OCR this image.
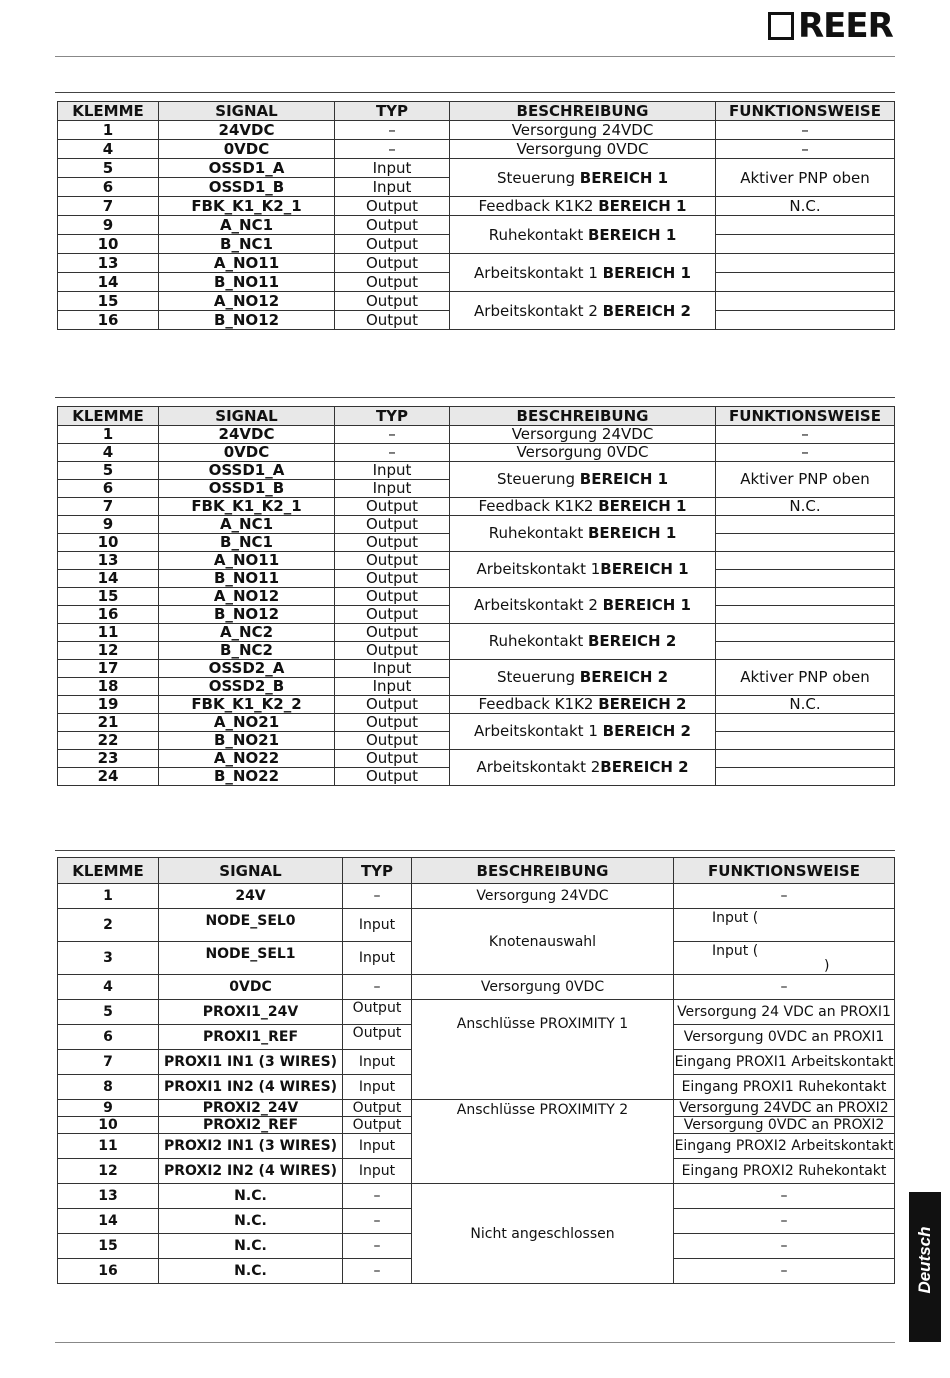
REER
KLEMME	SIGNAL	TYP	BESCHREIBUNG	FUNKTIONSWEISE
1	24VDC	–	Versorgung 24VDC	–
4	0VDC	–	Versorgung 0VDC	–
5	OSSD1_A	Input	Steuerung BEREICH 1	Aktiver PNP oben
6	OSSD1_B	Input		
7	FBK_K1_K2_1	Output	Feedback K1K2 BEREICH 1	N.C.
9	A_NC1	Output	Ruhekontakt BEREICH 1	
10	B_NC1	Output		
13	A_NO11	Output	Arbeitskontakt 1 BEREICH 1	
14	B_NO11	Output		
15	A_NO12	Output	Arbeitskontakt 2 BEREICH 2	
16	B_NO12	Output		
KLEMME	SIGNAL	TYP	BESCHREIBUNG	FUNKTIONSWEISE
1	24VDC	–	Versorgung 24VDC	–
4	0VDC	–	Versorgung 0VDC	–
5	OSSD1_A	Input	Steuerung BEREICH 1	Aktiver PNP oben
6	OSSD1_B	Input		
7	FBK_K1_K2_1	Output	Feedback K1K2 BEREICH 1	N.C.
9	A_NC1	Output	Ruhekontakt BEREICH 1	
10	B_NC1	Output		
13	A_NO11	Output	Arbeitskontakt 1BEREICH 1	
14	B_NO11	Output		
15	A_NO12	Output	Arbeitskontakt 2 BEREICH 1	
16	B_NO12	Output		
11	A_NC2	Output	Ruhekontakt BEREICH 2	
12	B_NC2	Output		
17	OSSD2_A	Input	Steuerung BEREICH 2	Aktiver PNP oben
18	OSSD2_B	Input		
19	FBK_K1_K2_2	Output	Feedback K1K2 BEREICH 2	N.C.
21	A_NO21	Output	Arbeitskontakt 1 BEREICH 2	
22	B_NO21	Output		
23	A_NO22	Output	Arbeitskontakt 2BEREICH 2	
24	B_NO22	Output		
KLEMME	SIGNAL	TYP	BESCHREIBUNG	FUNKTIONSWEISE
1	24V	–	Versorgung 24VDC	–
2	NODE_SEL0	Input	Knotenauswahl	Input (
3	NODE_SEL1	Input		Input (
)

4	0VDC	–	Versorgung 0VDC	–
5	PROXI1_24V	Output	Anschlüsse PROXIMITY 1	Versorgung 24 VDC an PROXI1
6	PROXI1_REF	Output		Versorgung 0VDC an PROXI1
7	PROXI1 IN1 (3 WIRES)	Input		Eingang PROXI1 Arbeitskontakt
8	PROXI1 IN2 (4 WIRES)	Input		Eingang PROXI1 Ruhekontakt
9	PROXI2_24V	Output	Anschlüsse PROXIMITY 2	Versorgung 24VDC an PROXI2
10	PROXI2_REF	Output		Versorgung 0VDC an PROXI2
11	PROXI2 IN1 (3 WIRES)	Input		Eingang PROXI2 Arbeitskontakt
12	PROXI2 IN2 (4 WIRES)	Input		Eingang PROXI2 Ruhekontakt
13	N.C.	–	Nicht angeschlossen	–
14	N.C.	–		–
15	N.C.	–		–
16	N.C.	–		–	Deutsch
